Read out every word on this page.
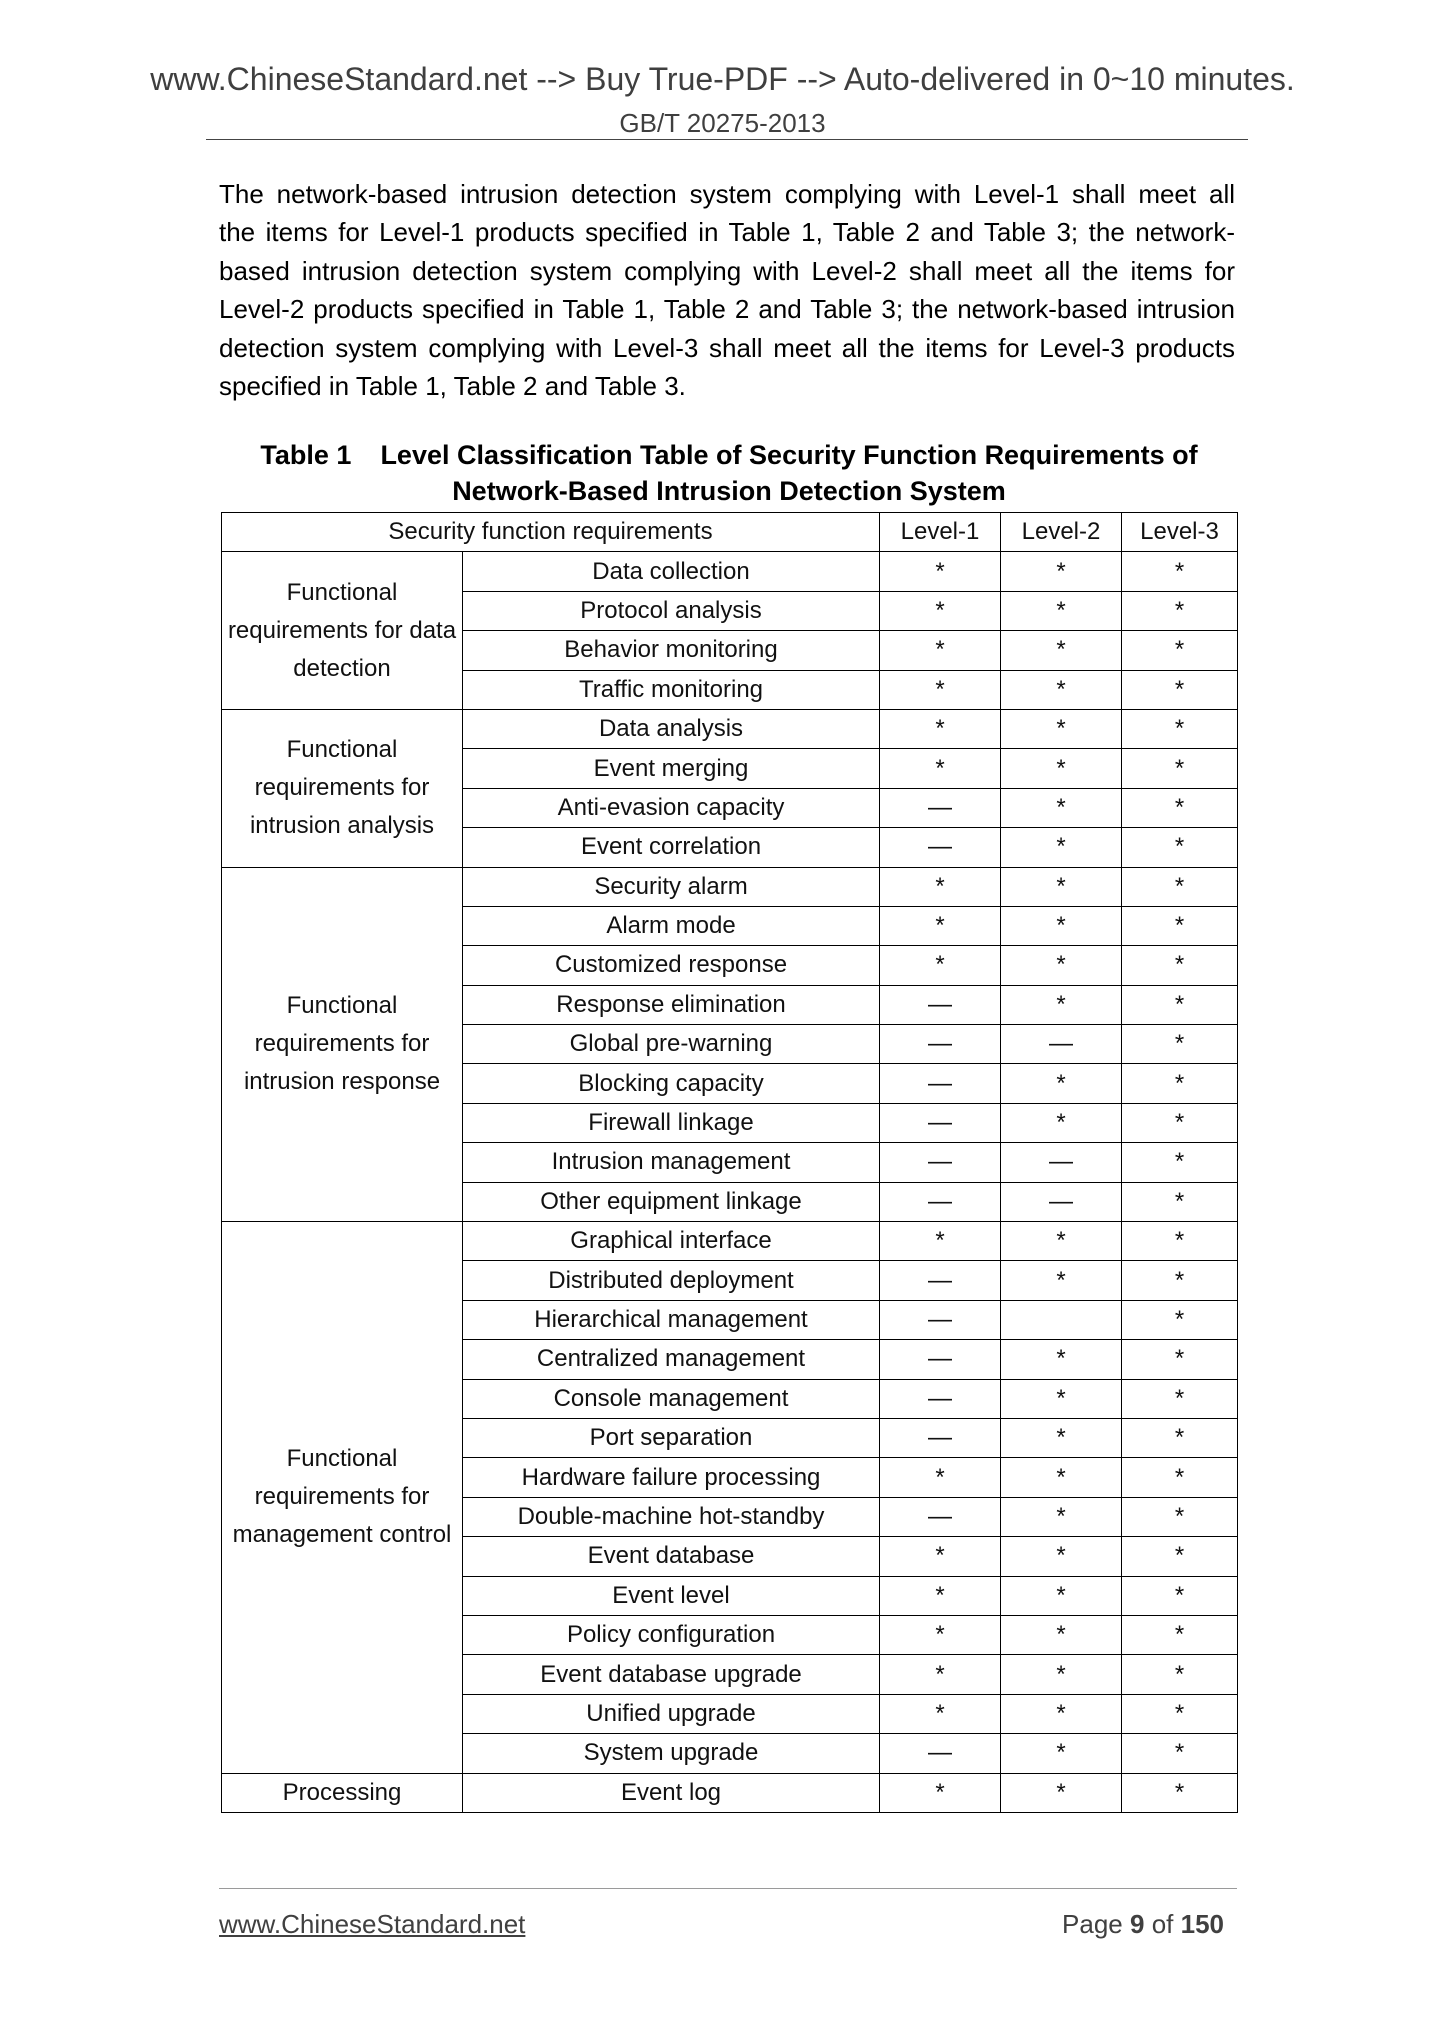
www.ChineseStandard.net --> Buy True-PDF --> Auto-delivered in 0~10 minutes.
GB/T 20275-2013
The network-based intrusion detection system complying with Level-1 shall meet all
the items for Level-1 products specified in Table 1, Table 2 and Table 3; the network-
based intrusion detection system complying with Level-2 shall meet all the items for
Level-2 products specified in Table 1, Table 2 and Table 3; the network-based intrusion
detection system complying with Level-3 shall meet all the items for Level-3 products
specified in Table 1, Table 2 and Table 3.
Table 1 Level Classification Table of Security Function Requirements of
Network-Based Intrusion Detection System
Security function requirements		Level-1	Level-2	Level-3
Functional requirements for data detection	Data collection	*	*	*
	Protocol analysis	*	*	*
	Behavior monitoring	*	*	*
	Traffic monitoring	*	*	*
Functional requirements for intrusion analysis	Data analysis	*	*	*
	Event merging	*	*	*
	Anti-evasion capacity	—	*	*
	Event correlation	—	*	*
Functional requirements for intrusion response	Security alarm	*	*	*
	Alarm mode	*	*	*
	Customized response	*	*	*
	Response elimination	—	*	*
	Global pre-warning	—	—	*
	Blocking capacity	—	*	*
	Firewall linkage	—	*	*
	Intrusion management	—	—	*
	Other equipment linkage	—	—	*
Functional requirements for management control	Graphical interface	*	*	*
	Distributed deployment	—	*	*
	Hierarchical management	—		*
	Centralized management	—	*	*
	Console management	—	*	*
	Port separation	—	*	*
	Hardware failure processing	*	*	*
	Double-machine hot-standby	—	*	*
	Event database	*	*	*
	Event level	*	*	*
	Policy configuration	*	*	*
	Event database upgrade	*	*	*
	Unified upgrade	*	*	*
	System upgrade	—	*	*
Processing	Event log	*	*	*
www.ChineseStandard.net	Page 9 of 150
